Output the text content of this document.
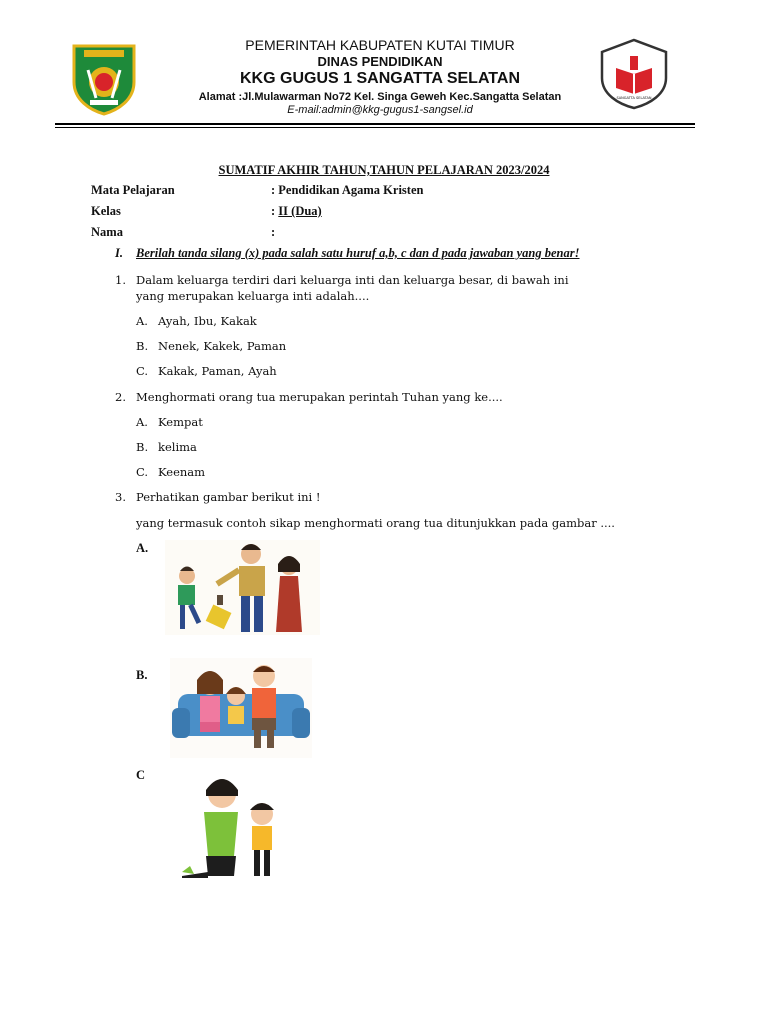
PEMERINTAH KABUPATEN KUTAI TIMUR
DINAS PENDIDIKAN
KKG GUGUS 1 SANGATTA SELATAN
Alamat :Jl.Mulawarman No72 Kel. Singa Geweh Kec.Sangatta Selatan
E-mail:admin@kkg-gugus1-sangsel.id
SANGATTA SELATAN
SUMATIF AKHIR TAHUN,TAHUN PELAJARAN 2023/2024
Mata Pelajaran	: Pendidikan Agama Kristen
Kelas	: II (Dua)
Nama	:
I. Berilah tanda silang (x) pada salah satu huruf a,b, c dan d pada jawaban yang benar!
1. Dalam keluarga terdiri dari keluarga inti dan keluarga besar, di bawah ini
yang merupakan keluarga inti adalah....
A. Ayah, Ibu, Kakak
B. Nenek, Kakek, Paman
C. Kakak, Paman, Ayah
2. Menghormati orang tua merupakan perintah Tuhan yang ke....
A. Kempat
B. kelima
C. Keenam
3. Perhatikan gambar berikut ini !
yang termasuk contoh sikap menghormati orang tua ditunjukkan pada gambar ....
A.
B.
C
